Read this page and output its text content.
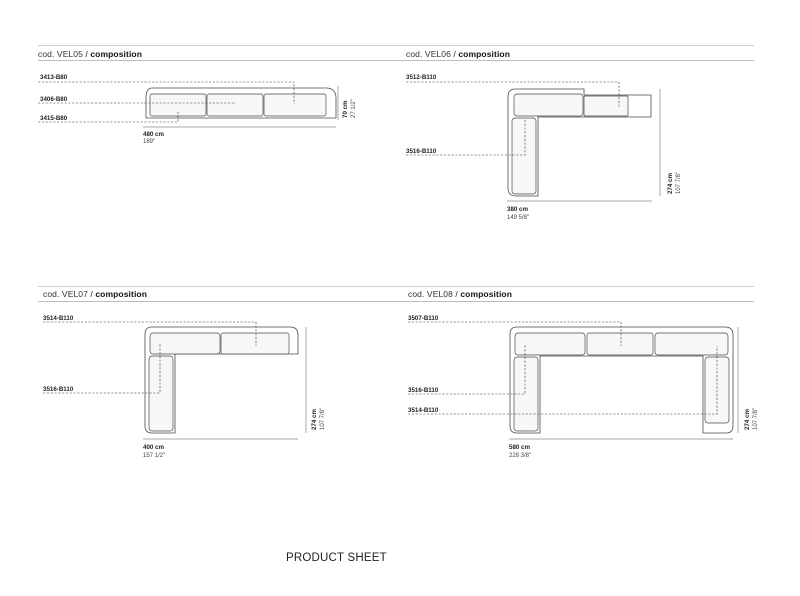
cod. VEL05 / composition	cod. VEL06 / composition
cod. VEL07 / composition	cod. VEL08 / composition
3413-B80
3406-B80
3415-B80
480 cm
189"
70 cm 27 1/2"
3512-B110
3516-B110
380 cm
149 5/8"
274 cm 107 7/8"
3514-B110
3516-B110
400 cm
157 1/2"
274 cm 107 7/8"
3507-B110
3516-B110
3514-B110
580 cm
228 3/8"
274 cm 107 7/8"
PRODUCT SHEET
